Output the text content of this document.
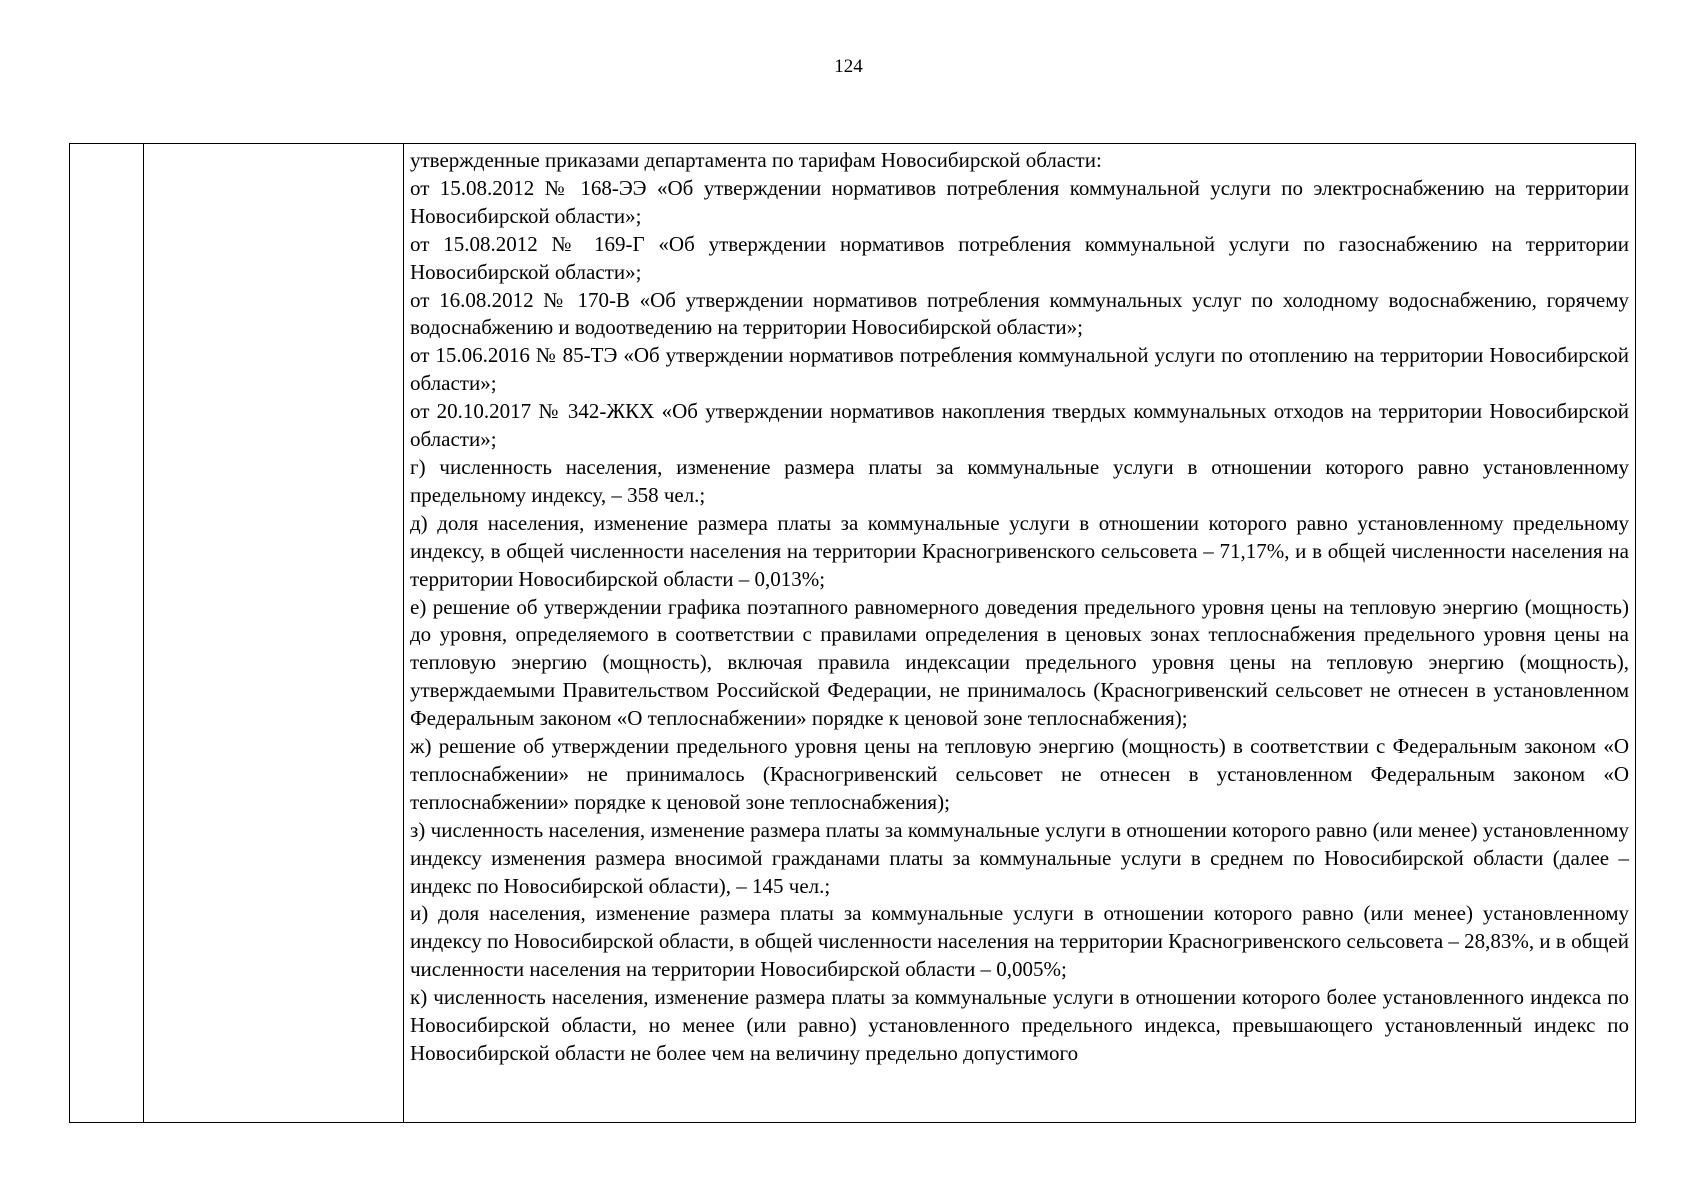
124

утвержденные приказами департамента по тарифам Новосибирской области:

от 15.08.2012 № 168-ЭЭ «Об утверждении нормативов потребления коммунальной услуги по электроснабжению на территории Новосибирской области»;

от 15.08.2012 № 169-Г «Об утверждении нормативов потребления коммунальной услуги по газоснабжению на территории Новосибирской области»;

от 16.08.2012 № 170-В «Об утверждении нормативов потребления коммунальных услуг по холодному водоснабжению, горячему водоснабжению и водоотведению на территории Новосибирской области»;

от 15.06.2016 № 85-ТЭ «Об утверждении нормативов потребления коммунальной услуги по отоплению на территории Новосибирской области»;

от 20.10.2017 № 342-ЖКХ «Об утверждении нормативов накопления твердых коммунальных отходов на территории Новосибирской области»;

г) численность населения, изменение размера платы за коммунальные услуги в отношении которого равно установленному предельному индексу, – 358 чел.;

д) доля населения, изменение размера платы за коммунальные услуги в отношении которого равно установленному предельному индексу, в общей численности населения на территории Красногривенского сельсовета – 71,17%, и в общей численности населения на территории Новосибирской области – 0,013%;

е) решение об утверждении графика поэтапного равномерного доведения предельного уровня цены на тепловую энергию (мощность) до уровня, определяемого в соответствии с правилами определения в ценовых зонах теплоснабжения предельного уровня цены на тепловую энергию (мощность), включая правила индексации предельного уровня цены на тепловую энергию (мощность), утверждаемыми Правительством Российской Федерации, не принималось (Красногривенский сельсовет не отнесен в установленном Федеральным законом «О теплоснабжении» порядке к ценовой зоне теплоснабжения);

ж) решение об утверждении предельного уровня цены на тепловую энергию (мощность) в соответствии с Федеральным законом «О теплоснабжении» не принималось (Красногривенский сельсовет не отнесен в установленном Федеральным законом «О теплоснабжении» порядке к ценовой зоне теплоснабжения);

з) численность населения, изменение размера платы за коммунальные услуги в отношении которого равно (или менее) установленному индексу изменения размера вносимой гражданами платы за коммунальные услуги в среднем по Новосибирской области (далее – индекс по Новосибирской области), – 145 чел.;

и) доля населения, изменение размера платы за коммунальные услуги в отношении которого равно (или менее) установленному индексу по Новосибирской области, в общей численности населения на территории Красногривенского сельсовета – 28,83%, и в общей численности населения на территории Новосибирской области – 0,005%;

к) численность населения, изменение размера платы за коммунальные услуги в отношении которого более установленного индекса по Новосибирской области, но менее (или равно) установленного предельного индекса, превышающего установленный индекс по Новосибирской области не более чем на величину предельно допустимого
